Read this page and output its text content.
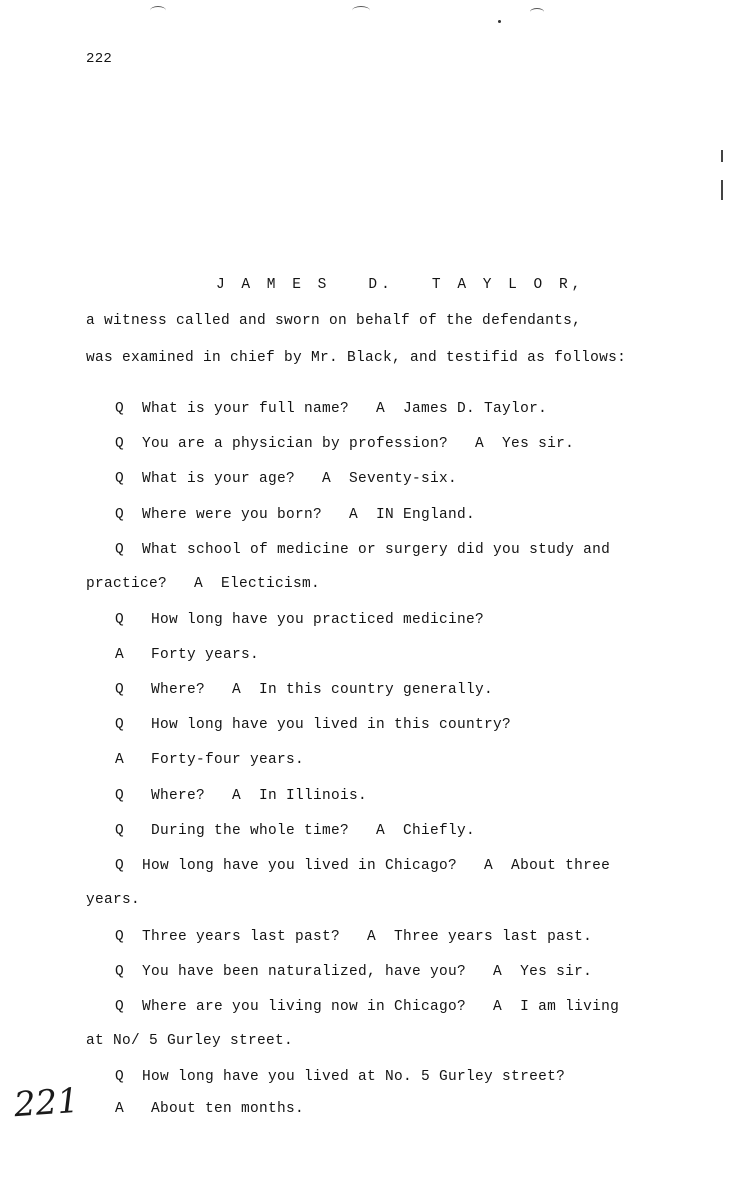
222
J A M E S   D.   T A Y L O R,
a witness called and sworn on behalf of the defendants,
was examined in chief by Mr. Black, and testifid as follows:
Q  What is your full name?   A  James D. Taylor.
Q  You are a physician by profession?   A  Yes sir.
Q  What is your age?   A  Seventy-six.
Q  Where were you born?   A  IN England.
Q  What school of medicine or surgery did you study and
practice?   A  Electicism.
Q   How long have you practiced medicine?
A   Forty years.
Q   Where?   A  In this country generally.
Q   How long have you lived in this country?
A   Forty-four years.
Q   Where?   A  In Illinois.
Q   During the whole time?   A  Chiefly.
Q  How long have you lived in Chicago?   A  About three
years.
Q  Three years last past?   A  Three years last past.
Q  You have been naturalized, have you?   A  Yes sir.
Q  Where are you living now in Chicago?   A  I am living
at No/ 5 Gurley street.
Q  How long have you lived at No. 5 Gurley street?
A   About ten months.
221
